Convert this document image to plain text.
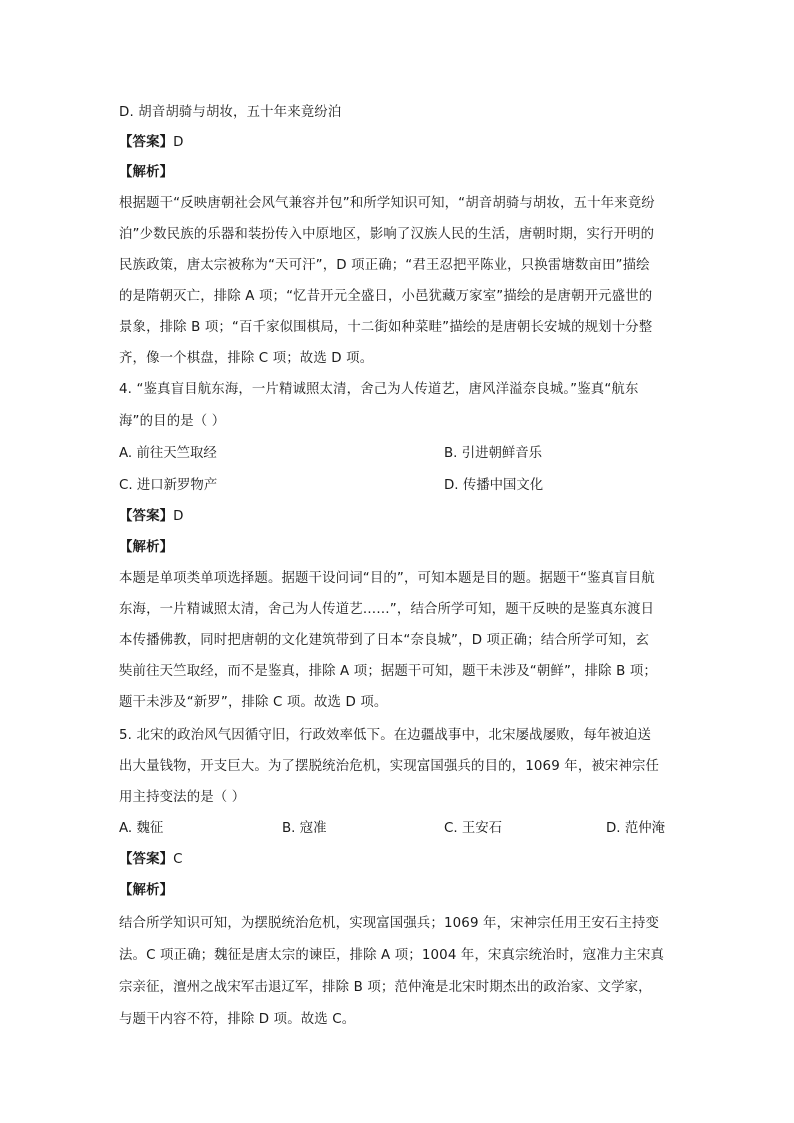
D. 胡音胡骑与胡妆，五十年来竟纷泊
【答案】D
【解析】
根据题干“反映唐朝社会风气兼容并包”和所学知识可知，“胡音胡骑与胡妆，五十年来竟纷
泊”少数民族的乐器和装扮传入中原地区，影响了汉族人民的生活，唐朝时期，实行开明的
民族政策，唐太宗被称为“天可汗”，D 项正确；“君王忍把平陈业，只换雷塘数亩田”描绘
的是隋朝灭亡，排除 A 项；“忆昔开元全盛日，小邑犹藏万家室”描绘的是唐朝开元盛世的
景象，排除 B 项；“百千家似围棋局，十二街如种菜畦”描绘的是唐朝长安城的规划十分整
齐，像一个棋盘，排除 C 项；故选 D 项。
4. “鉴真盲目航东海，一片精诚照太清，舍己为人传道艺，唐风洋溢奈良城。”鉴真“航东
海”的目的是（ ）
A. 前往天竺取经	B. 引进朝鲜音乐
C. 进口新罗物产	D. 传播中国文化
【答案】D
【解析】
本题是单项类单项选择题。据题干设问词“目的”，可知本题是目的题。据题干“鉴真盲目航
东海，一片精诚照太清，舍己为人传道艺……”，结合所学可知，题干反映的是鉴真东渡日
本传播佛教，同时把唐朝的文化建筑带到了日本“奈良城”，D 项正确；结合所学可知，玄
奘前往天竺取经，而不是鉴真，排除 A 项；据题干可知，题干未涉及“朝鲜”，排除 B 项；
题干未涉及“新罗”，排除 C 项。故选 D 项。
5. 北宋的政治风气因循守旧，行政效率低下。在边疆战事中，北宋屡战屡败，每年被迫送
出大量钱物，开支巨大。为了摆脱统治危机，实现富国强兵的目的，1069 年，被宋神宗任
用主持变法的是（ ）
A. 魏征	B. 寇准	C. 王安石	D. 范仲淹
【答案】C
【解析】
结合所学知识可知，为摆脱统治危机，实现富国强兵；1069 年，宋神宗任用王安石主持变
法。C 项正确；魏征是唐太宗的谏臣，排除 A 项；1004 年，宋真宗统治时，寇准力主宋真
宗亲征，澶州之战宋军击退辽军，排除 B 项；范仲淹是北宋时期杰出的政治家、文学家，
与题干内容不符，排除 D 项。故选 C。
